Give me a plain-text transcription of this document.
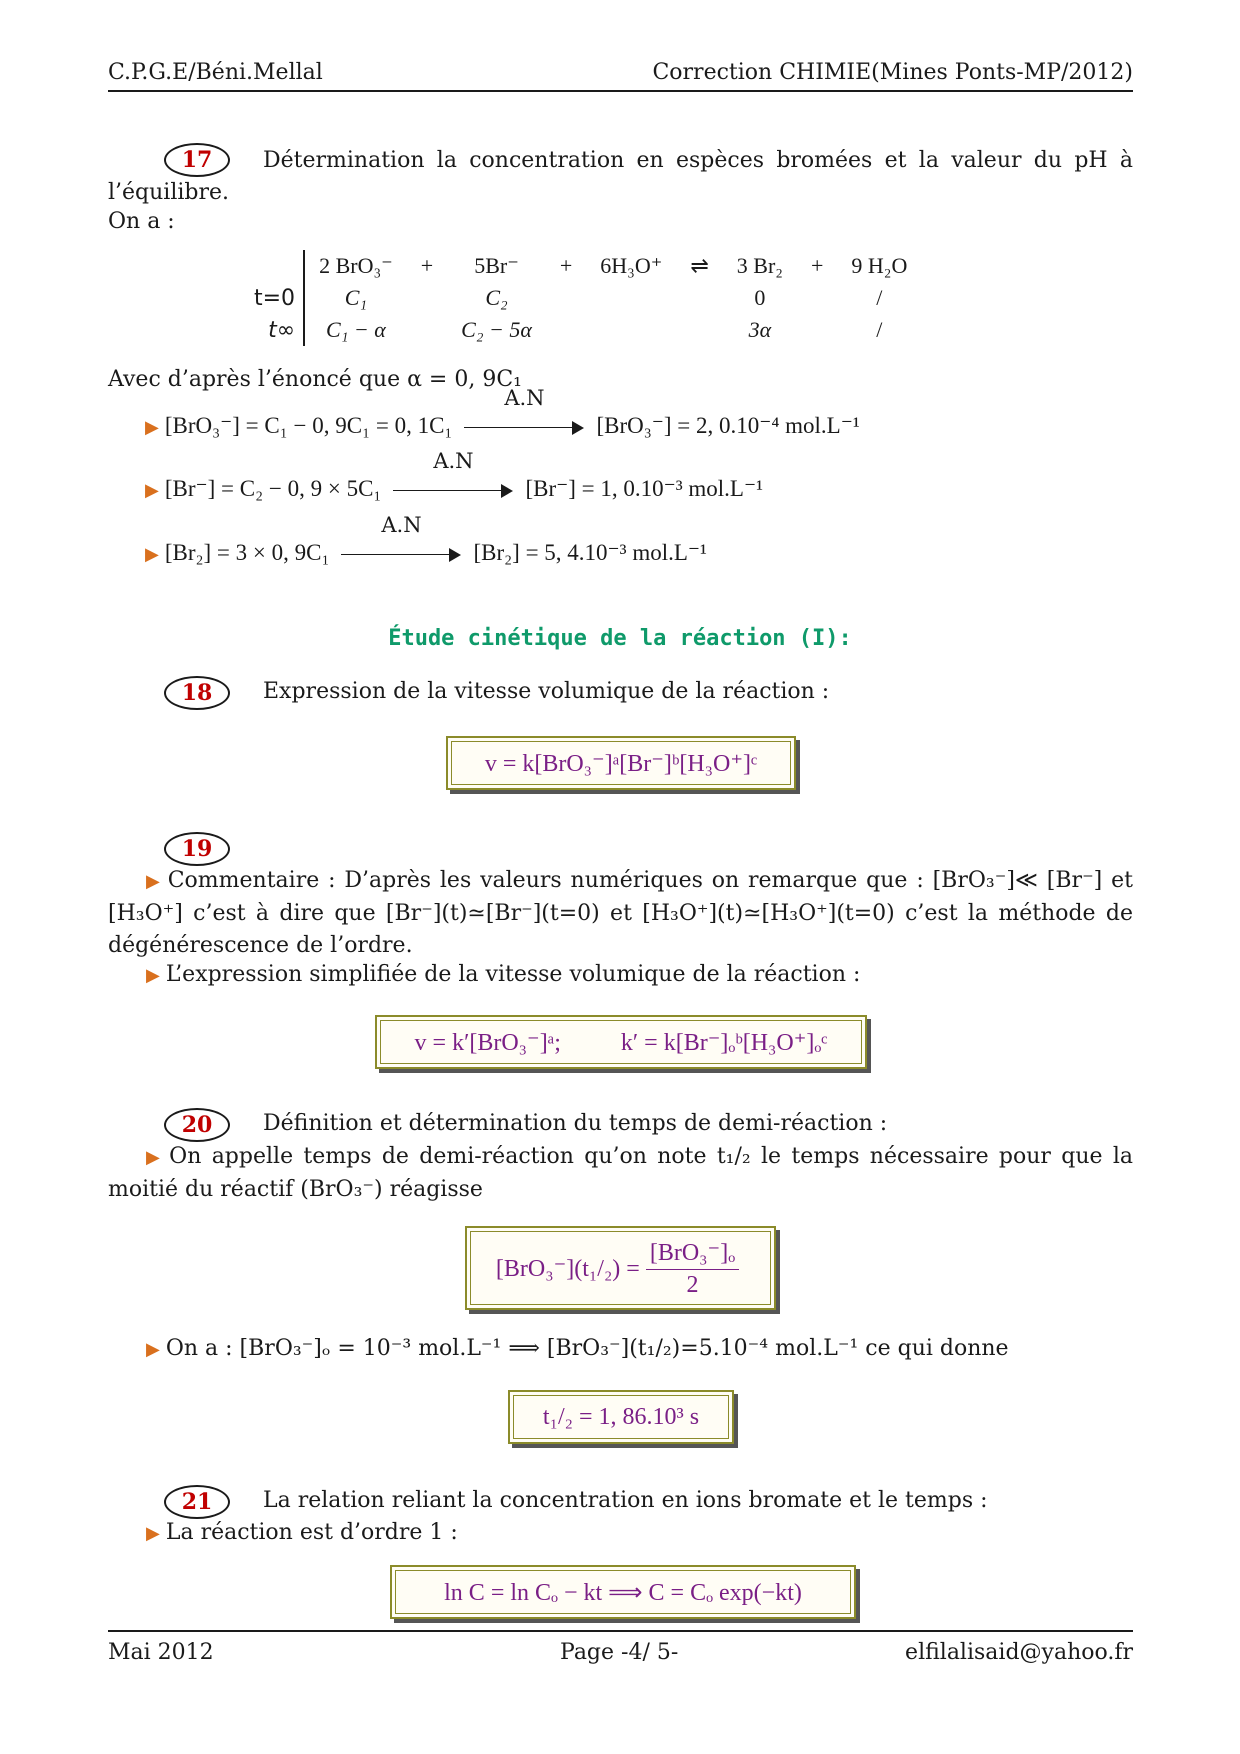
C.P.G.E/Béni.Mellal	Correction CHIMIE(Mines Ponts-MP/2012)
17	Détermination la concentration en espèces bromées et la valeur du pH à l’équilibre.
On a :
	2 BrO₃⁻	+	5Br⁻	+	6H₃O⁺	⇌	3 Br₂	+	9 H₂O
t=0	C₁		C₂				0		/
t∞	C₁ − α		C₂ − 5α				3α		/
Avec d’après l’énoncé que α = 0, 9C₁
▶ [BrO₃⁻] = C₁ − 0, 9C₁ = 0, 1C₁
A.N
[BrO₃⁻] = 2, 0.10⁻⁴ mol.L⁻¹
▶ [Br⁻] = C₂ − 0, 9 × 5C₁
A.N
[Br⁻] = 1, 0.10⁻³ mol.L⁻¹
▶ [Br₂] = 3 × 0, 9C₁
A.N
[Br₂] = 5, 4.10⁻³ mol.L⁻¹
Étude cinétique de la réaction (I):
18	Expression de la vitesse volumique de la réaction :
v = k[BrO₃⁻]ᵃ[Br⁻]ᵇ[H₃O⁺]ᶜ
19
▶ Commentaire : D’après les valeurs numériques on remarque que : [BrO₃⁻]≪ [Br⁻] et [H₃O⁺] c’est à dire que [Br⁻](t)≃[Br⁻](t=0) et [H₃O⁺](t)≃[H₃O⁺](t=0) c’est la méthode de dégénérescence de l’ordre.
▶ L’expression simplifiée de la vitesse volumique de la réaction :
v = k′[BrO₃⁻]ᵃ;	k′ = k[Br⁻]ₒᵇ[H₃O⁺]ₒᶜ
20	Définition et détermination du temps de demi-réaction :
▶ On appelle temps de demi-réaction qu’on note t₁/₂ le temps nécessaire pour que la moitié du réactif (BrO₃⁻) réagisse
$[BrO_3^-](t_1/_2) = \frac{\text{[BrO₃⁻]ₒ}}{2}$
▶ On a : [BrO₃⁻]ₒ = 10⁻³ mol.L⁻¹ ⟹ [BrO₃⁻](t₁/₂)=5.10⁻⁴ mol.L⁻¹ ce qui donne
t₁/₂ = 1, 86.10³ s
21	La relation reliant la concentration en ions bromate et le temps :
▶ La réaction est d’ordre 1 :
ln C = ln Cₒ − kt ⟹ C = Cₒ exp(−kt)
Mai 2012	Page -4/ 5-	elfilalisaid@yahoo.fr
